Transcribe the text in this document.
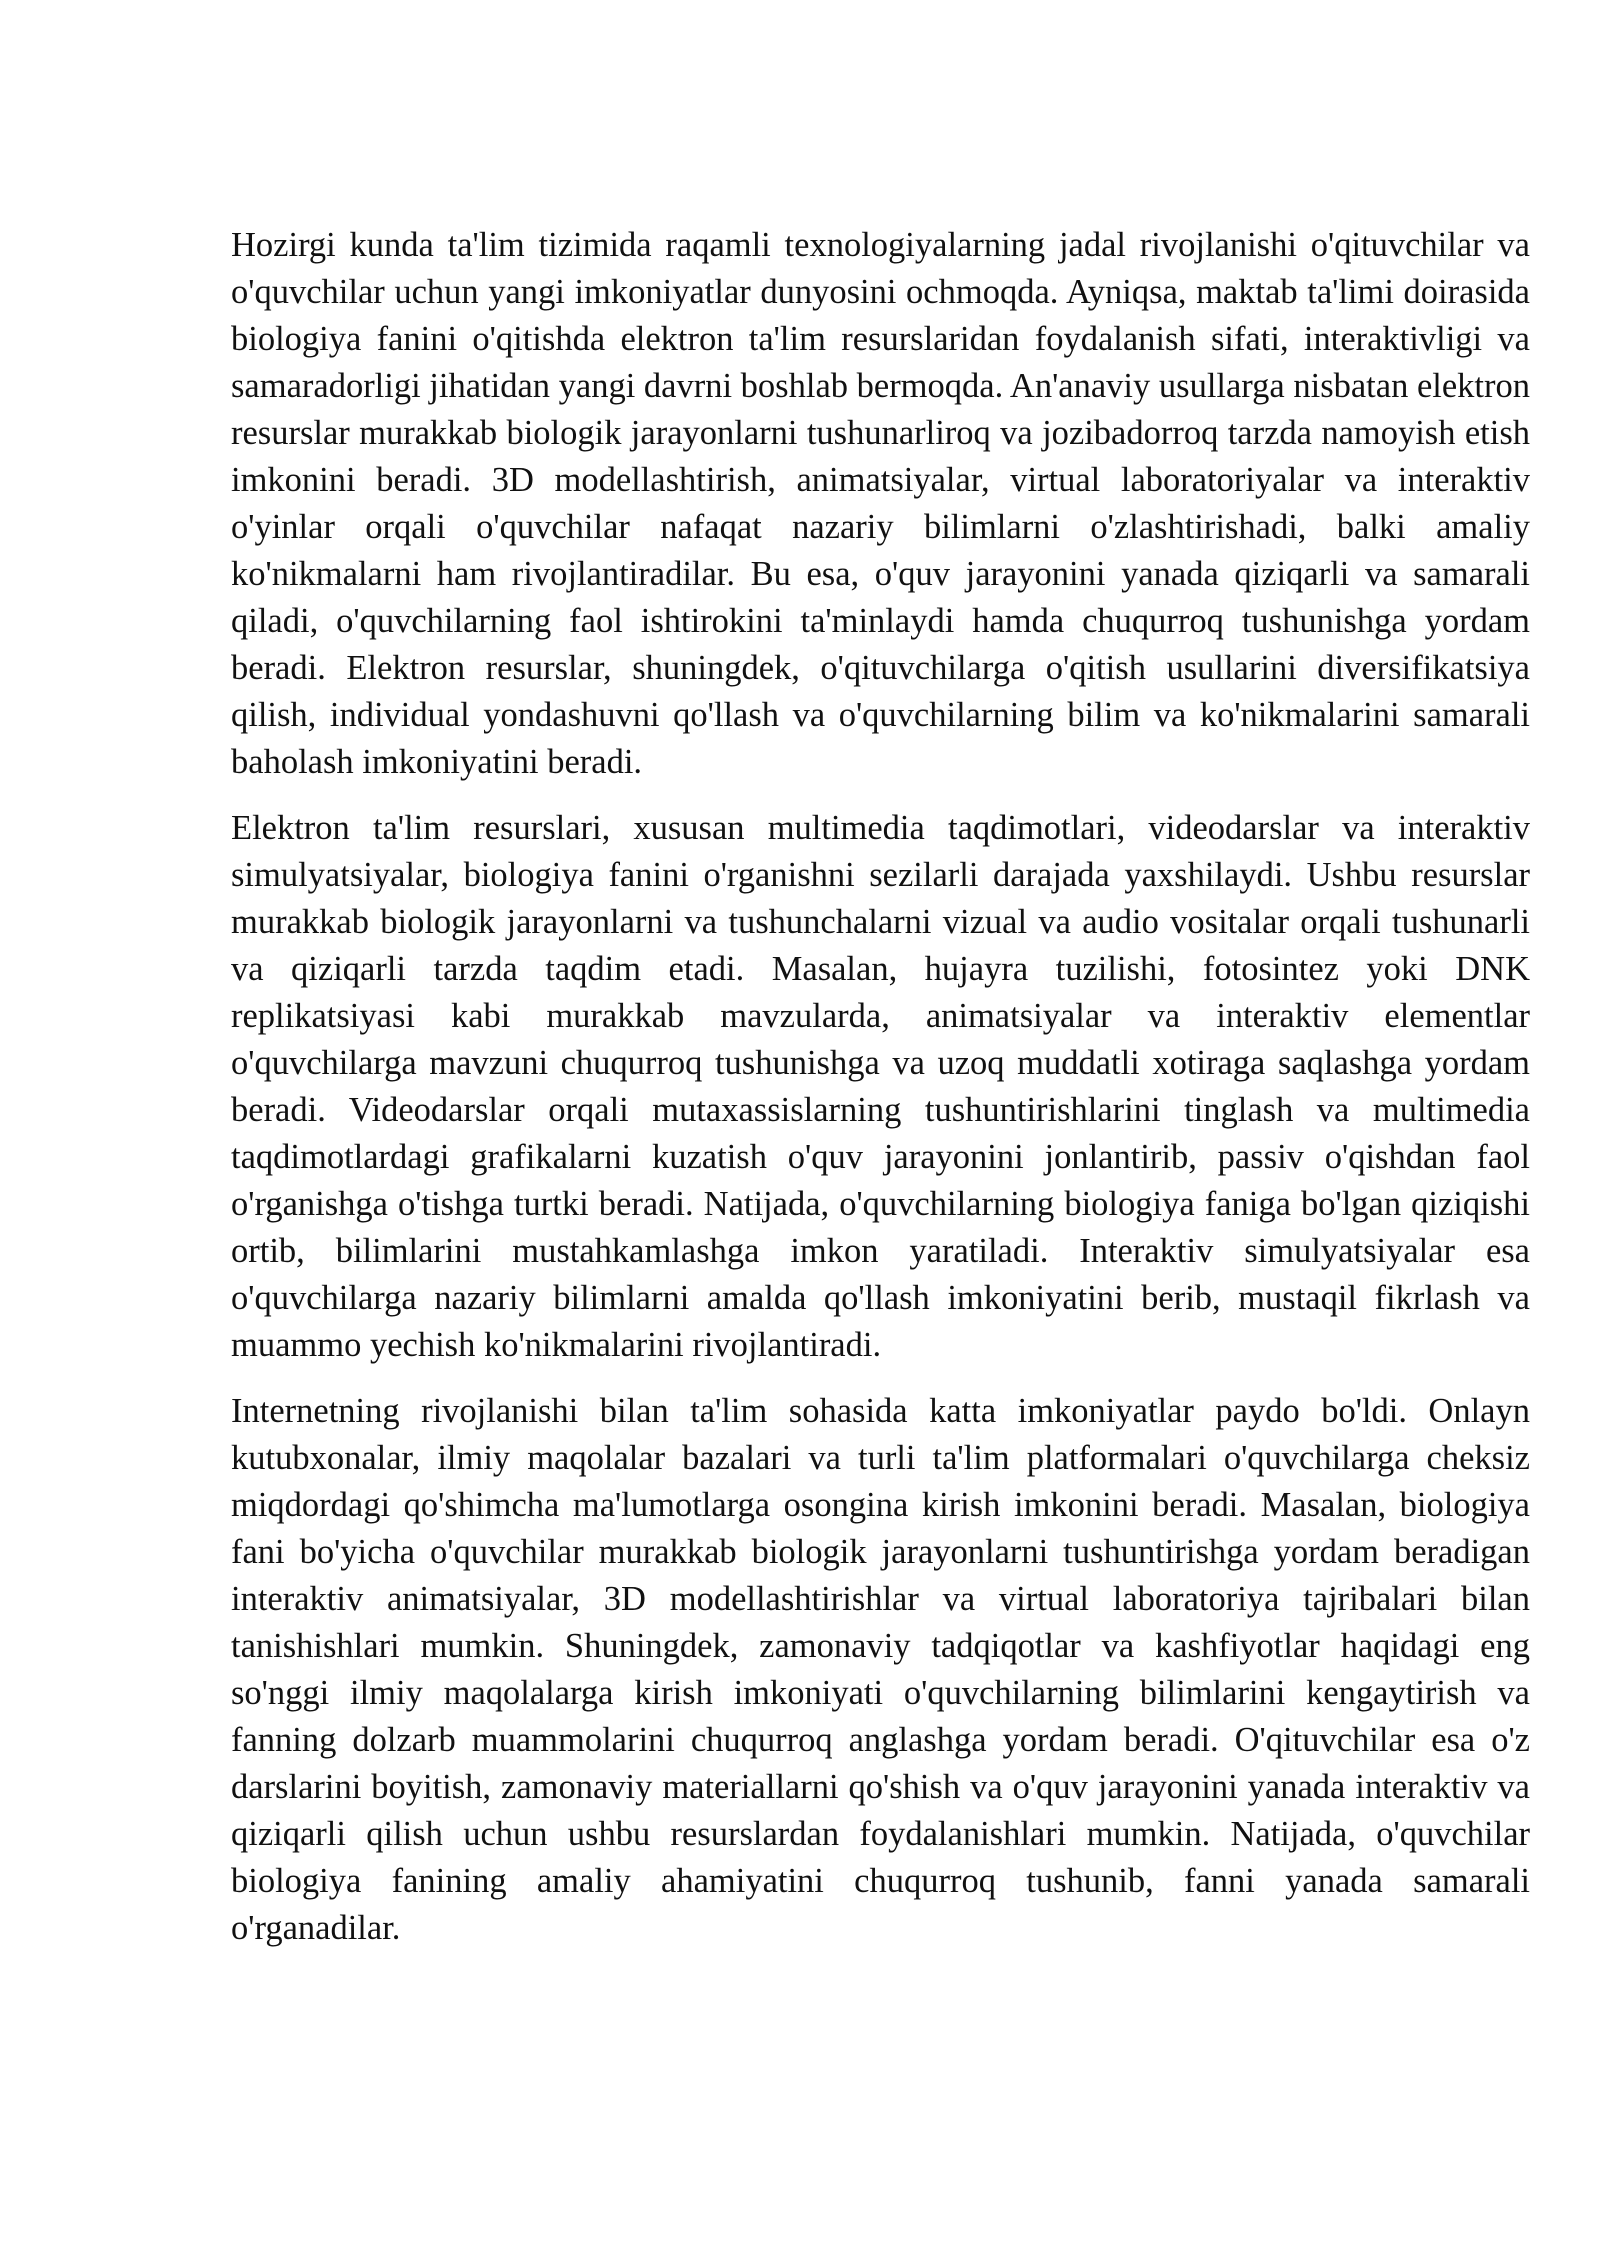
Hozirgi kunda ta'lim tizimida raqamli texnologiyalarning jadal rivojlanishi o'qituvchilar va o'quvchilar uchun yangi imkoniyatlar dunyosini ochmoqda. Ayniqsa, maktab ta'limi doirasida biologiya fanini o'qitishda elektron ta'lim resurslaridan foydalanish sifati, interaktivligi va samaradorligi jihatidan yangi davrni boshlab bermoqda. An'anaviy usullarga nisbatan elektron resurslar murakkab biologik jarayonlarni tushunarliroq va jozibadorroq tarzda namoyish etish imkonini beradi. 3D modellashtirish, animatsiyalar, virtual laboratoriyalar va interaktiv o'yinlar orqali o'quvchilar nafaqat nazariy bilimlarni o'zlashtirishadi, balki amaliy ko'nikmalarni ham rivojlantiradilar. Bu esa, o'quv jarayonini yanada qiziqarli va samarali qiladi, o'quvchilarning faol ishtirokini ta'minlaydi hamda chuqurroq tushunishga yordam beradi. Elektron resurslar, shuningdek, o'qituvchilarga o'qitish usullarini diversifikatsiya qilish, individual yondashuvni qo'llash va o'quvchilarning bilim va ko'nikmalarini samarali baholash imkoniyatini beradi.

Elektron ta'lim resurslari, xususan multimedia taqdimotlari, videodarslar va interaktiv simulyatsiyalar, biologiya fanini o'rganishni sezilarli darajada yaxshilaydi. Ushbu resurslar murakkab biologik jarayonlarni va tushunchalarni vizual va audio vositalar orqali tushunarli va qiziqarli tarzda taqdim etadi. Masalan, hujayra tuzilishi, fotosintez yoki DNK replikatsiyasi kabi murakkab mavzularda, animatsiyalar va interaktiv elementlar o'quvchilarga mavzuni chuqurroq tushunishga va uzoq muddatli xotiraga saqlashga yordam beradi. Videodarslar orqali mutaxassislarning tushuntirishlarini tinglash va multimedia taqdimotlardagi grafikalarni kuzatish o'quv jarayonini jonlantirib, passiv o'qishdan faol o'rganishga o'tishga turtki beradi. Natijada, o'quvchilarning biologiya faniga bo'lgan qiziqishi ortib, bilimlarini mustahkamlashga imkon yaratiladi. Interaktiv simulyatsiyalar esa o'quvchilarga nazariy bilimlarni amalda qo'llash imkoniyatini berib, mustaqil fikrlash va muammo yechish ko'nikmalarini rivojlantiradi.

Internetning rivojlanishi bilan ta'lim sohasida katta imkoniyatlar paydo bo'ldi. Onlayn kutubxonalar, ilmiy maqolalar bazalari va turli ta'lim platformalari o'quvchilarga cheksiz miqdordagi qo'shimcha ma'lumotlarga osongina kirish imkonini beradi. Masalan, biologiya fani bo'yicha o'quvchilar murakkab biologik jarayonlarni tushuntirishga yordam beradigan interaktiv animatsiyalar, 3D modellashtirishlar va virtual laboratoriya tajribalari bilan tanishishlari mumkin. Shuningdek, zamonaviy tadqiqotlar va kashfiyotlar haqidagi eng so'nggi ilmiy maqolalarga kirish imkoniyati o'quvchilarning bilimlarini kengaytirish va fanning dolzarb muammolarini chuqurroq anglashga yordam beradi. O'qituvchilar esa o'z darslarini boyitish, zamonaviy materiallarni qo'shish va o'quv jarayonini yanada interaktiv va qiziqarli qilish uchun ushbu resurslardan foydalanishlari mumkin. Natijada, o'quvchilar biologiya fanining amaliy ahamiyatini chuqurroq tushunib, fanni yanada samarali o'rganadilar.
